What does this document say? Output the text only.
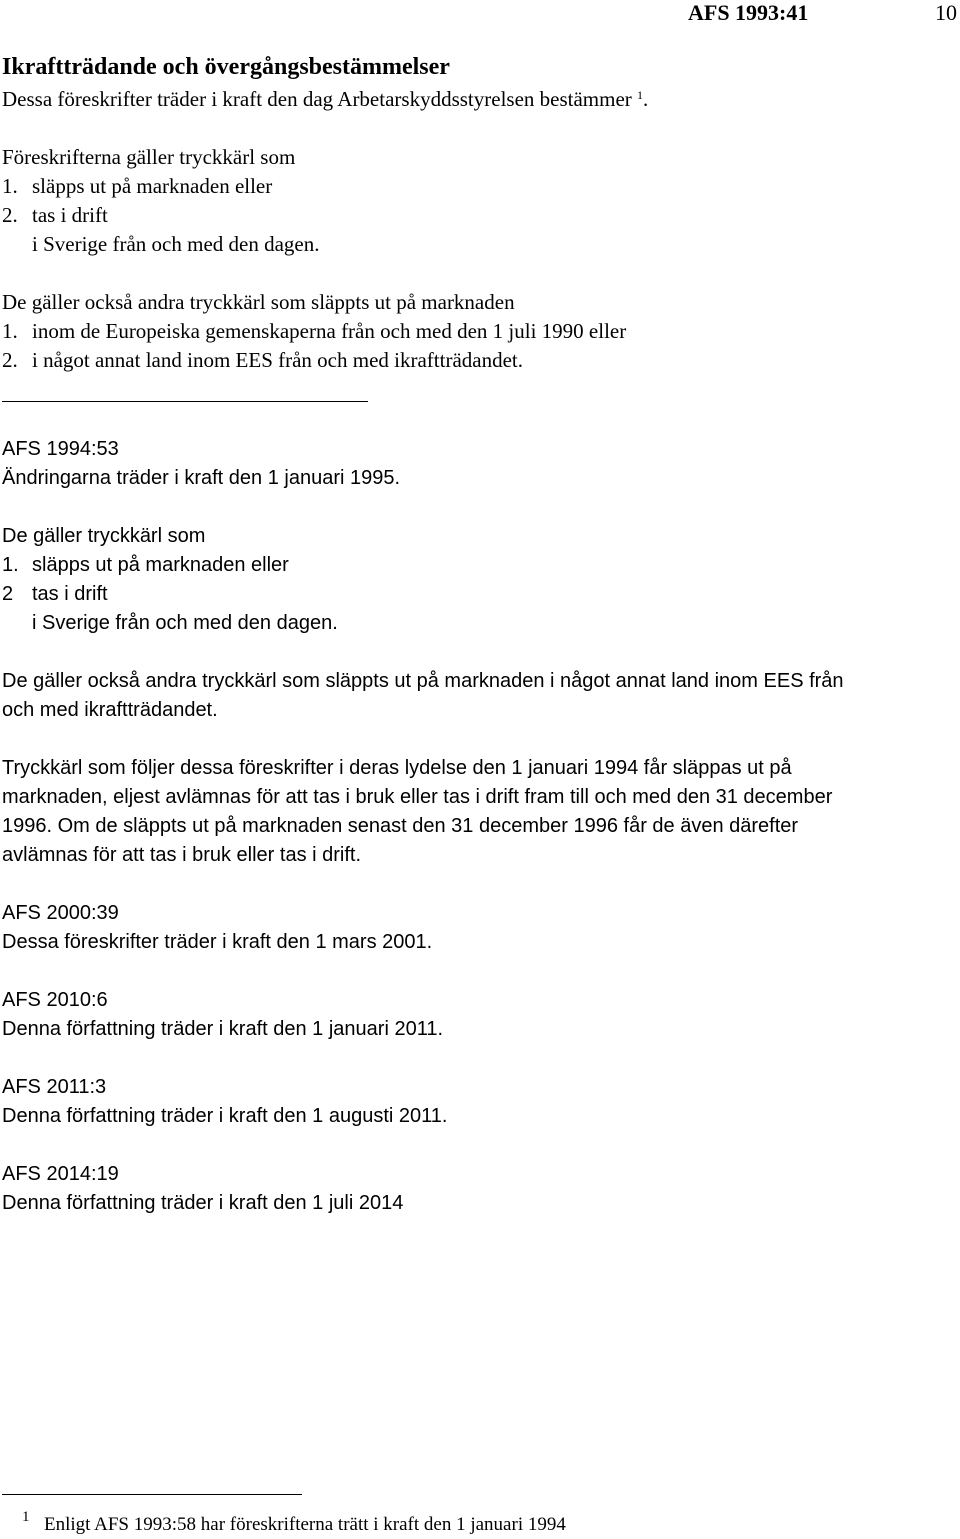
AFS 1993:41	10
Ikraftträdande och övergångsbestämmelser
Dessa föreskrifter träder i kraft den dag Arbetarskyddsstyrelsen bestämmer $^1$.
Föreskrifterna gäller tryckkärl som
1. släpps ut på marknaden eller
2. tas i drift
i Sverige från och med den dagen.
De gäller också andra tryckkärl som släppts ut på marknaden
1. inom de Europeiska gemenskaperna från och med den 1 juli 1990 eller
2. i något annat land inom EES från och med ikraftträdandet.
AFS 1994:53
Ändringarna träder i kraft den 1 januari 1995.
De gäller tryckkärl som
1. släpps ut på marknaden eller
2 tas i drift
i Sverige från och med den dagen.
De gäller också andra tryckkärl som släppts ut på marknaden i något annat land inom EES från
och med ikraftträdandet.
Tryckkärl som följer dessa föreskrifter i deras lydelse den 1 januari 1994 får släppas ut på
marknaden, eljest avlämnas för att tas i bruk eller tas i drift fram till och med den 31 december
1996. Om de släppts ut på marknaden senast den 31 december 1996 får de även därefter
avlämnas för att tas i bruk eller tas i drift.
AFS 2000:39
Dessa föreskrifter träder i kraft den 1 mars 2001.
AFS 2010:6
Denna författning träder i kraft den 1 januari 2011.
AFS 2011:3
Denna författning träder i kraft den 1 augusti 2011.
AFS 2014:19
Denna författning träder i kraft den 1 juli 2014
1 Enligt AFS 1993:58 har föreskrifterna trätt i kraft den 1 januari 1994
